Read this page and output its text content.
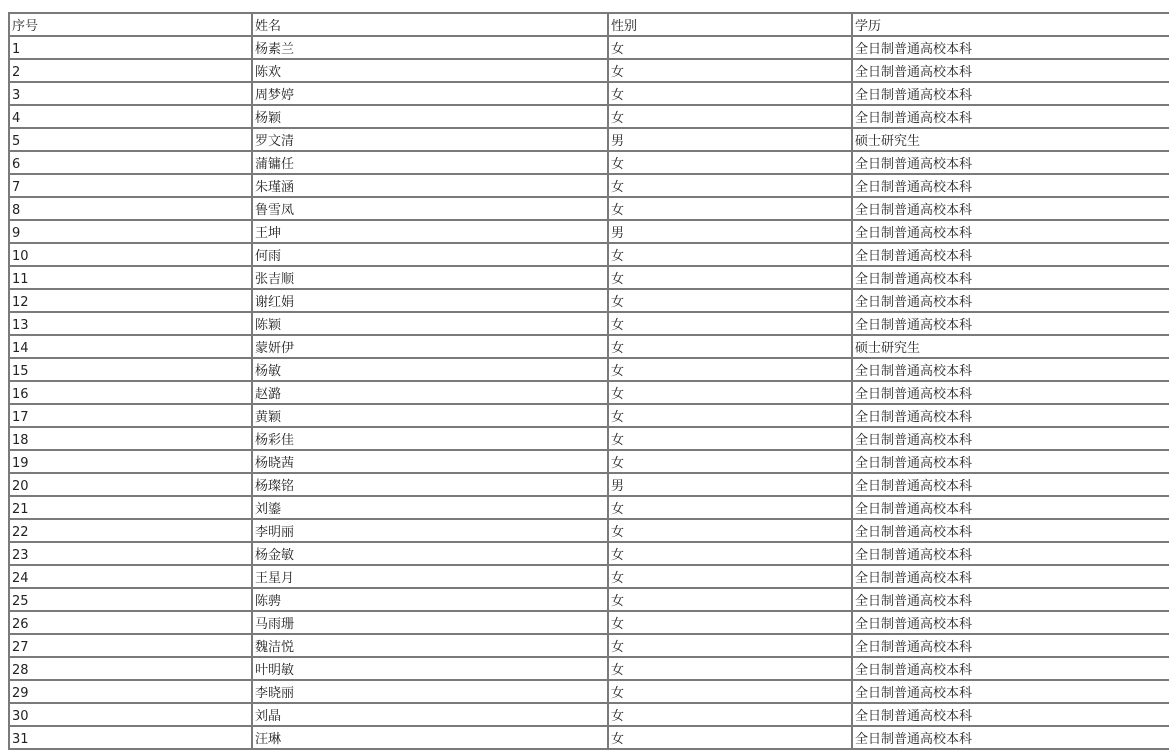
序号	姓名	性别	学历
1	杨素兰	女	全日制普通高校本科
2	陈欢	女	全日制普通高校本科
3	周梦婷	女	全日制普通高校本科
4	杨颖	女	全日制普通高校本科
5	罗文清	男	硕士研究生
6	蒲镛任	女	全日制普通高校本科
7	朱瑾涵	女	全日制普通高校本科
8	鲁雪凤	女	全日制普通高校本科
9	王坤	男	全日制普通高校本科
10	何雨	女	全日制普通高校本科
11	张吉顺	女	全日制普通高校本科
12	谢红娟	女	全日制普通高校本科
13	陈颖	女	全日制普通高校本科
14	蒙妍伊	女	硕士研究生
15	杨敏	女	全日制普通高校本科
16	赵潞	女	全日制普通高校本科
17	黄颖	女	全日制普通高校本科
18	杨彩佳	女	全日制普通高校本科
19	杨晓茜	女	全日制普通高校本科
20	杨璨铭	男	全日制普通高校本科
21	刘鎏	女	全日制普通高校本科
22	李明丽	女	全日制普通高校本科
23	杨金敏	女	全日制普通高校本科
24	王星月	女	全日制普通高校本科
25	陈骋	女	全日制普通高校本科
26	马雨珊	女	全日制普通高校本科
27	魏洁悦	女	全日制普通高校本科
28	叶明敏	女	全日制普通高校本科
29	李晓丽	女	全日制普通高校本科
30	刘晶	女	全日制普通高校本科
31	汪琳	女	全日制普通高校本科
